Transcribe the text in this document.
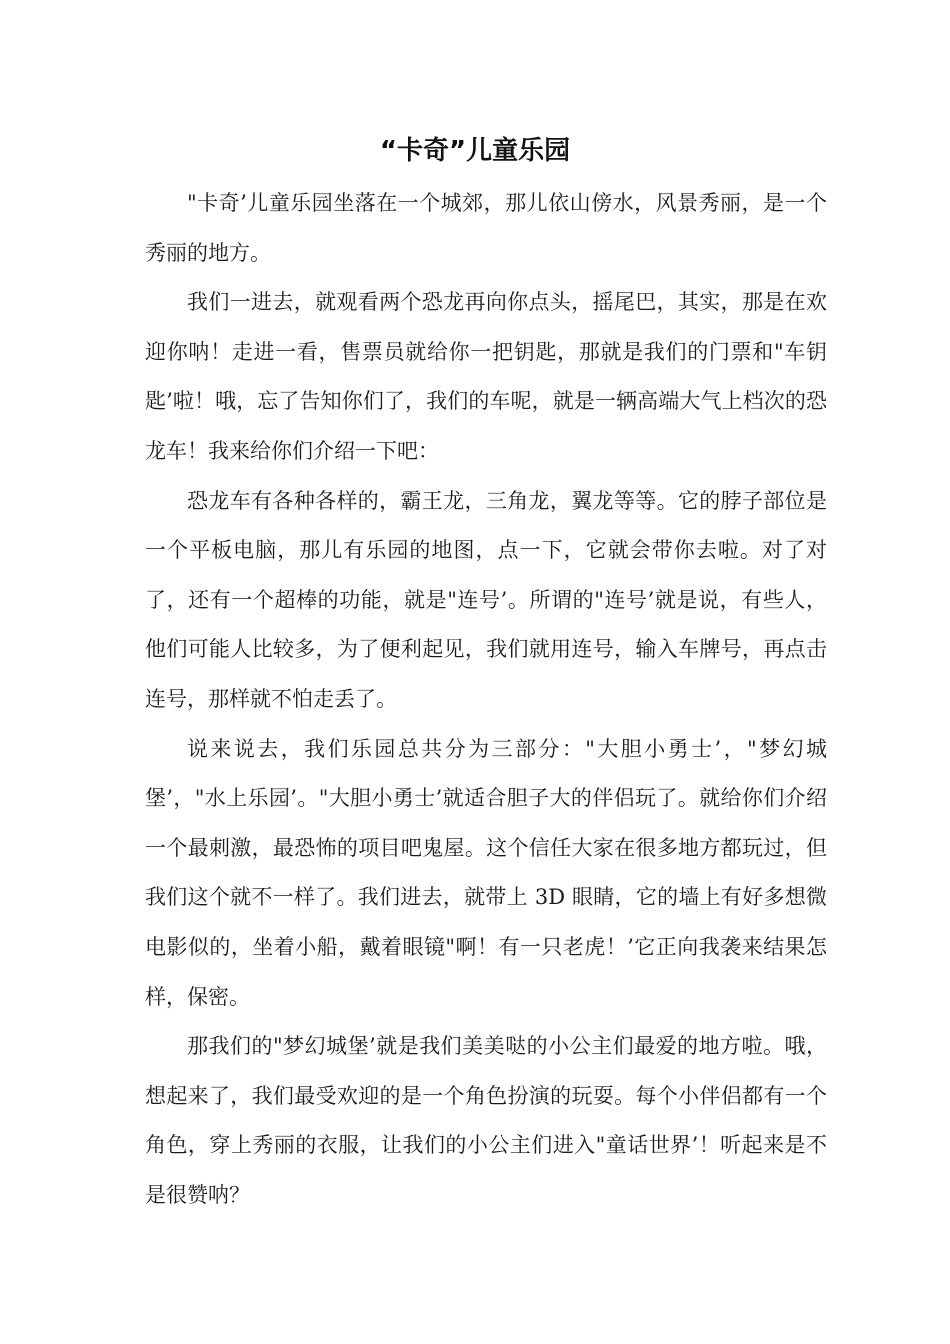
“卡奇”儿童乐园

"卡奇’儿童乐园坐落在一个城郊，那儿依山傍水，风景秀丽，是一个秀丽的地方。

我们一进去，就观看两个恐龙再向你点头，摇尾巴，其实，那是在欢迎你呐！走进一看，售票员就给你一把钥匙，那就是我们的门票和"车钥匙’啦！哦，忘了告知你们了，我们的车呢，就是一辆高端大气上档次的恐龙车！我来给你们介绍一下吧：

恐龙车有各种各样的，霸王龙，三角龙，翼龙等等。它的脖子部位是一个平板电脑，那儿有乐园的地图，点一下，它就会带你去啦。对了对了，还有一个超棒的功能，就是"连号’。所谓的"连号’就是说，有些人，他们可能人比较多，为了便利起见，我们就用连号，输入车牌号，再点击连号，那样就不怕走丢了。

说来说去，我们乐园总共分为三部分："大胆小勇士’，"梦幻城堡’，"水上乐园’。"大胆小勇士’就适合胆子大的伴侣玩了。就给你们介绍一个最刺激，最恐怖的项目吧鬼屋。这个信任大家在很多地方都玩过，但我们这个就不一样了。我们进去，就带上 3D 眼睛，它的墙上有好多想微电影似的，坐着小船，戴着眼镜"啊！有一只老虎！’它正向我袭来结果怎样，保密。

那我们的"梦幻城堡’就是我们美美哒的小公主们最爱的地方啦。哦，想起来了，我们最受欢迎的是一个角色扮演的玩耍。每个小伴侣都有一个角色，穿上秀丽的衣服，让我们的小公主们进入"童话世界’！听起来是不是很赞呐？
